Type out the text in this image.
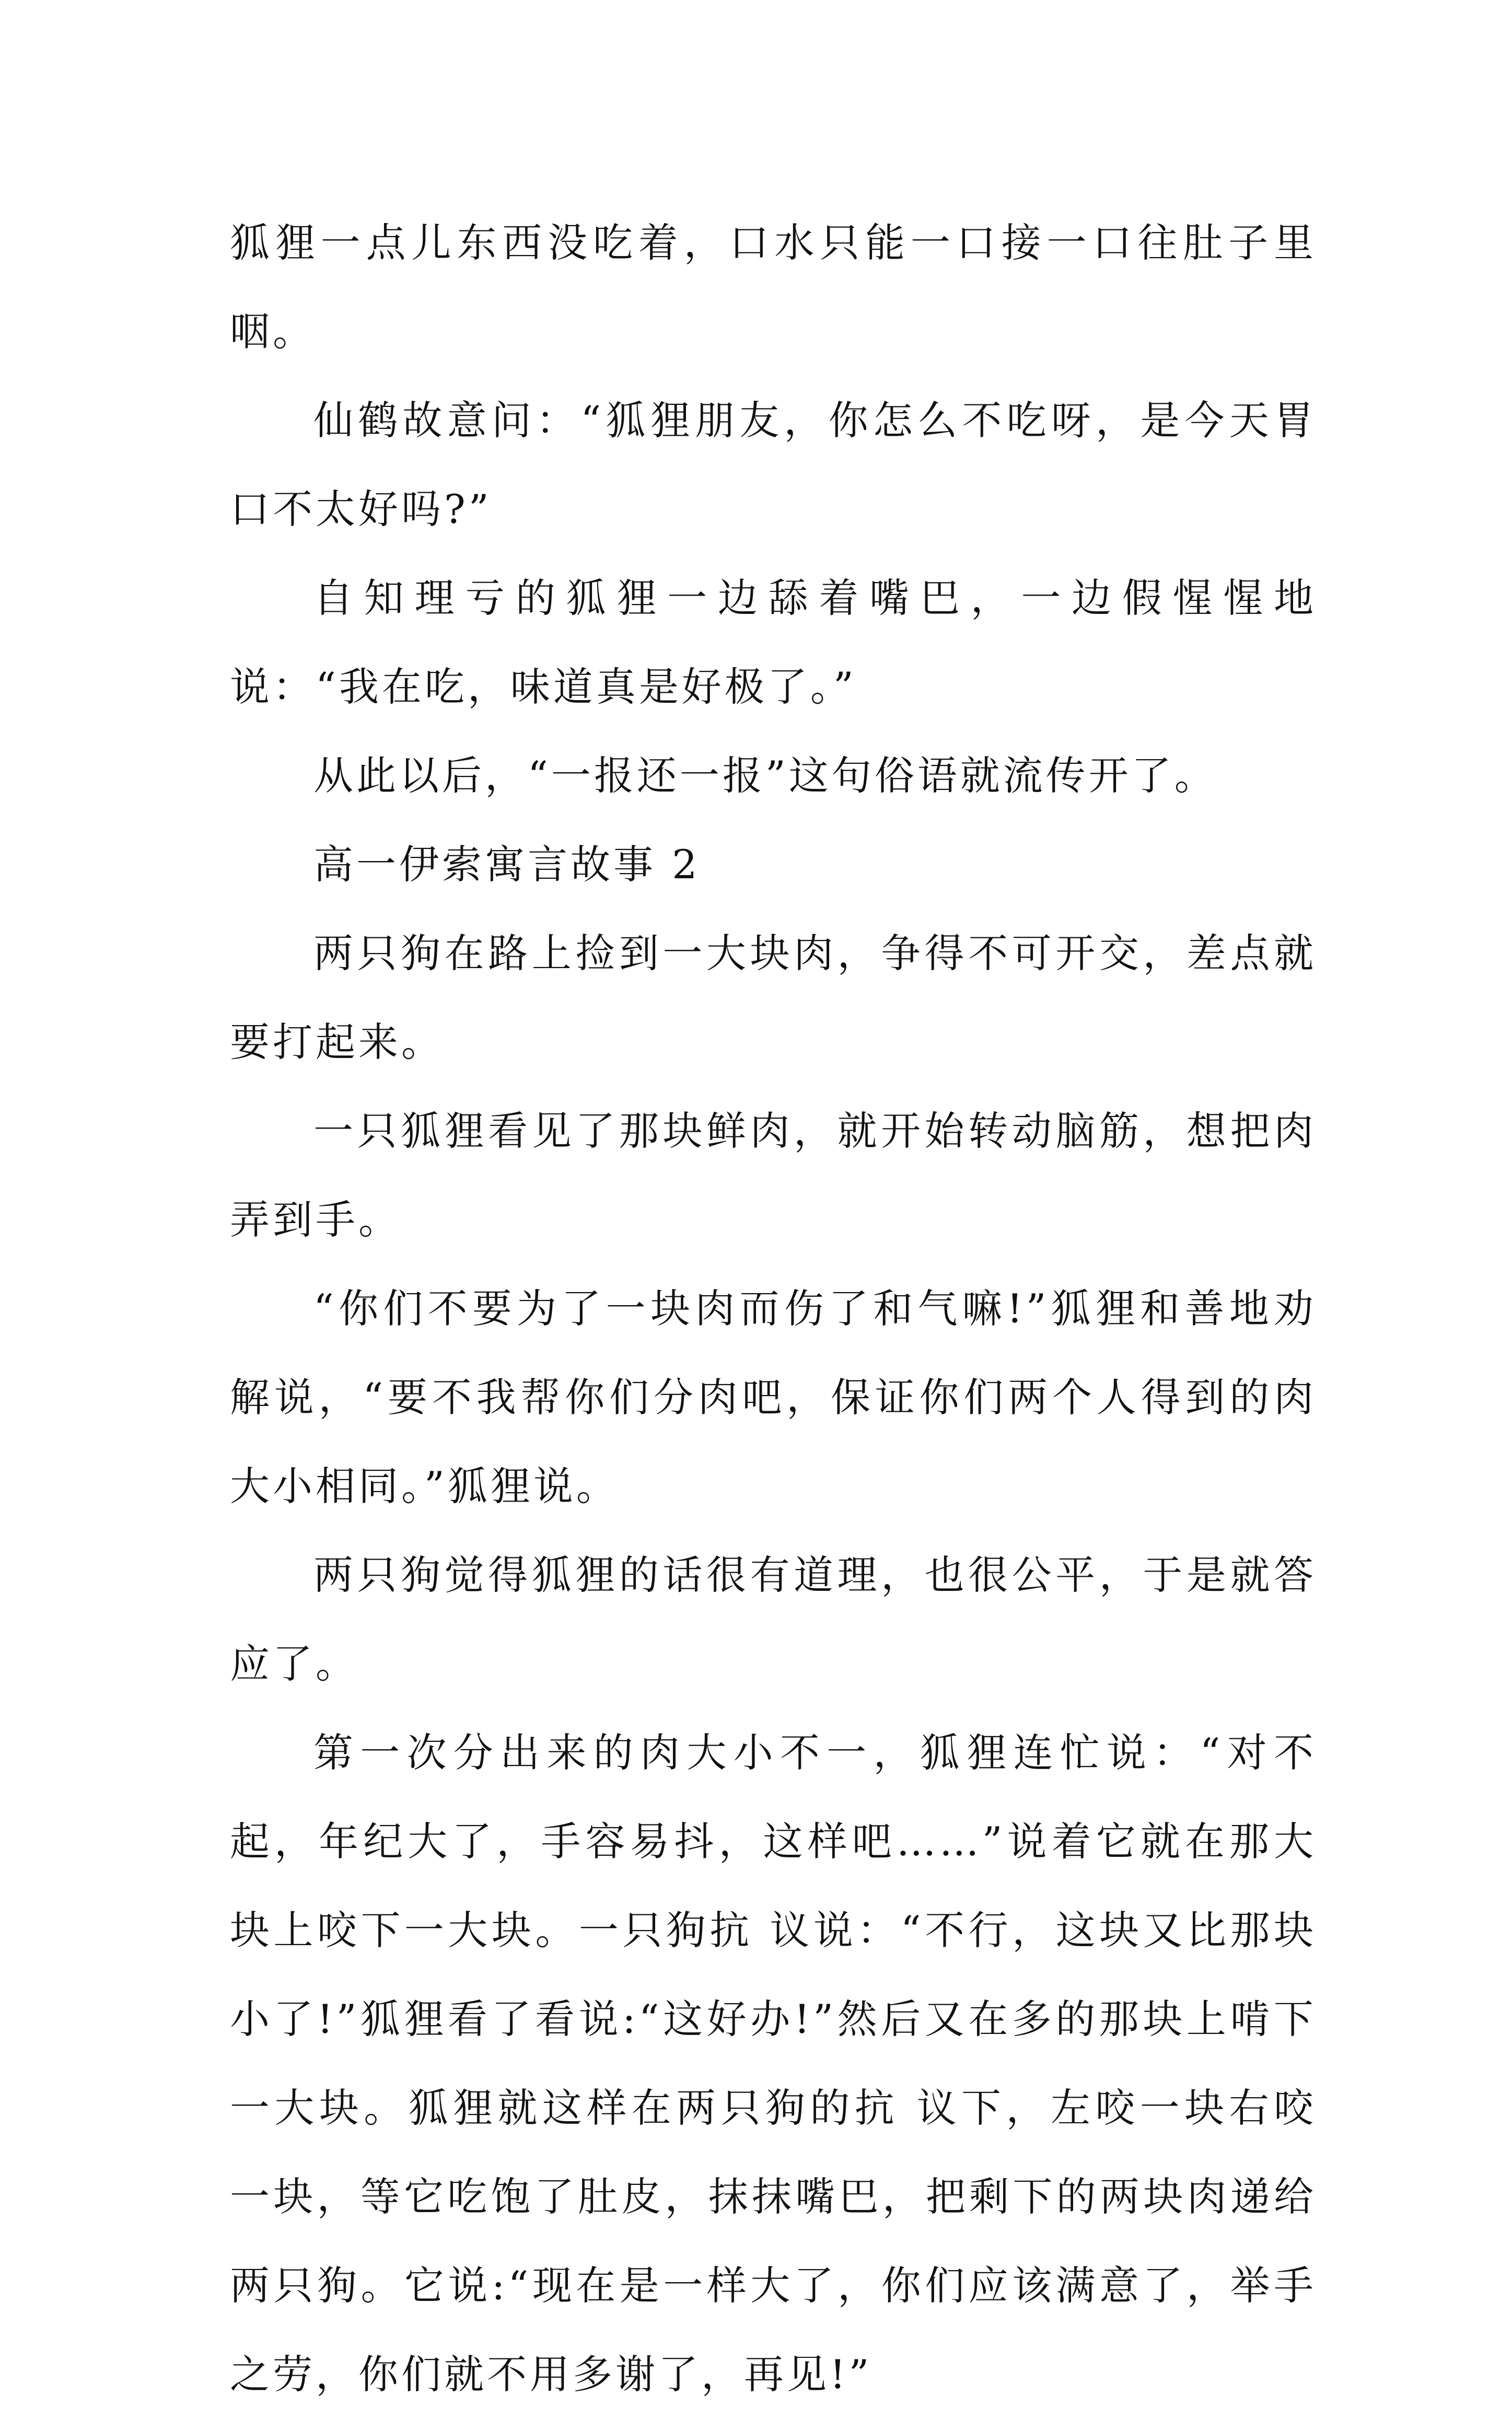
狐狸一点儿东西没吃着，口水只能一口接一口往肚子里咽。

仙鹤故意问：“狐狸朋友，你怎么不吃呀，是今天胃口不太好吗?”

自知理亏的狐狸一边舔着嘴巴，一边假惺惺地说：“我在吃，味道真是好极了。”

从此以后，“一报还一报”这句俗语就流传开了。

高一伊索寓言故事 2

两只狗在路上捡到一大块肉，争得不可开交，差点就要打起来。

一只狐狸看见了那块鲜肉，就开始转动脑筋，想把肉弄到手。

“你们不要为了一块肉而伤了和气嘛!”狐狸和善地劝解说，“要不我帮你们分肉吧，保证你们两个人得到的肉大小相同。”狐狸说。

两只狗觉得狐狸的话很有道理，也很公平，于是就答应了。

第一次分出来的肉大小不一，狐狸连忙说：“对不起，年纪大了，手容易抖，这样吧……”说着它就在那大块上咬下一大块。一只狗抗 议说：“不行，这块又比那块小了!”狐狸看了看说:“这好办!”然后又在多的那块上啃下一大块。狐狸就这样在两只狗的抗 议下，左咬一块右咬一块，等它吃饱了肚皮，抹抹嘴巴，把剩下的两块肉递给两只狗。它说:“现在是一样大了，你们应该满意了，举手之劳，你们就不用多谢了，再见!”
